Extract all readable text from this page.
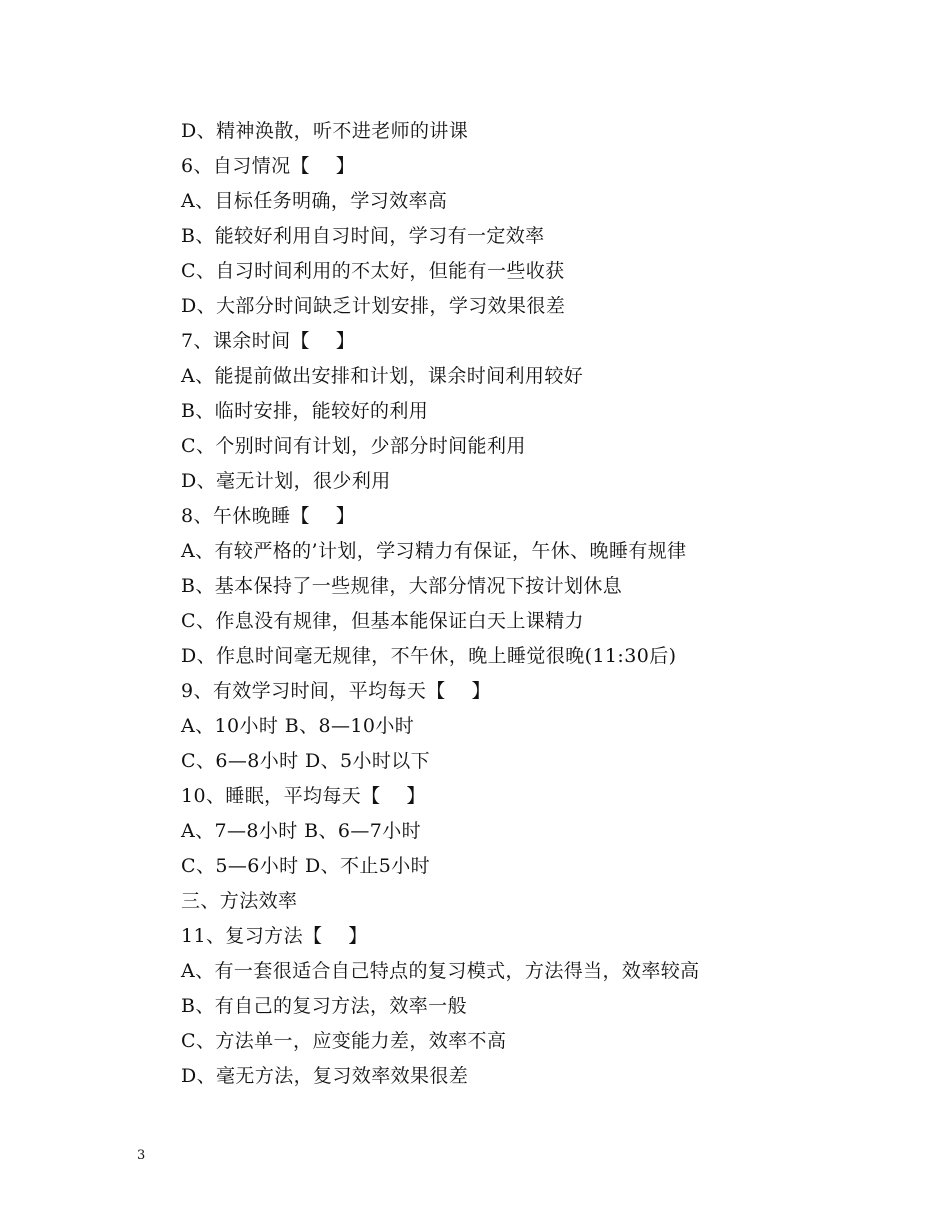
D、精神涣散，听不进老师的讲课
6、自习情况【　 】
A、目标任务明确，学习效率高
B、能较好利用自习时间，学习有一定效率
C、自习时间利用的不太好，但能有一些收获
D、大部分时间缺乏计划安排，学习效果很差
7、课余时间【　 】
A、能提前做出安排和计划，课余时间利用较好
B、临时安排，能较好的利用
C、个别时间有计划，少部分时间能利用
D、毫无计划，很少利用
8、午休晚睡【　 】
A、有较严格的’计划，学习精力有保证，午休、晚睡有规律
B、基本保持了一些规律，大部分情况下按计划休息
C、作息没有规律，但基本能保证白天上课精力
D、作息时间毫无规律，不午休，晚上睡觉很晚(11:30后)
9、有效学习时间，平均每天【　 】
A、10小时 B、8—10小时
C、6—8小时 D、5小时以下
10、睡眠，平均每天【　 】
A、7—8小时 B、6—7小时
C、5—6小时 D、不止5小时
三、方法效率
11、复习方法【　 】
A、有一套很适合自己特点的复习模式，方法得当，效率较高
B、有自己的复习方法，效率一般
C、方法单一，应变能力差，效率不高
D、毫无方法，复习效率效果很差
3
